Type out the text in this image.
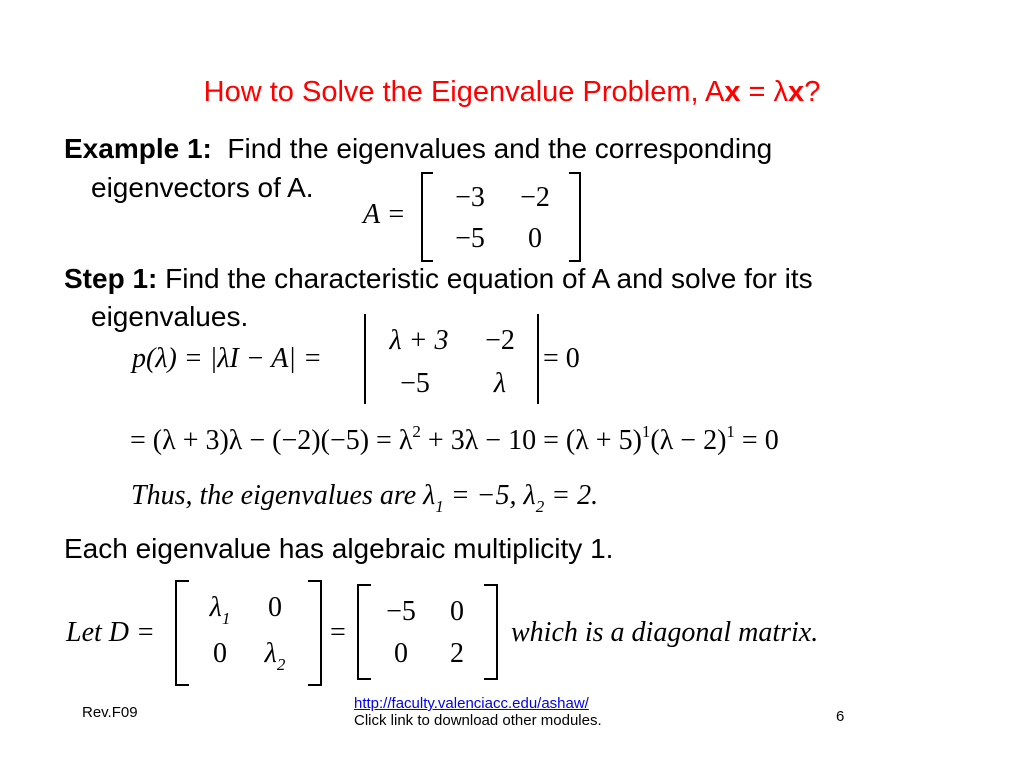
How to Solve the Eigenvalue Problem, Ax = λx?
Example 1: Find the eigenvalues and the corresponding
eigenvectors of A.
A =
−3	−2
−5	0
Step 1: Find the characteristic equation of A and solve for its
eigenvalues.
p(λ) = |λI − A| =
λ + 3	−2
−5	λ
= 0
= $(\lambda + 3)\lambda - (-2)(-5) = \lambda^2 + 3\lambda - 10 = (\lambda + 5)^1(\lambda - 2)^1 = 0$
Thus, the eigenvalues are $\lambda_1 = -5$, $\lambda_2 = 2$.
Each eigenvalue has algebraic multiplicity 1.
Let D =
$\lambda_1$	0
0	$\lambda_2$
=
−5	0
0	2
which is a diagonal matrix.
Rev.F09
http://faculty.valenciacc.edu/ashaw/
Click link to download other modules.	6
